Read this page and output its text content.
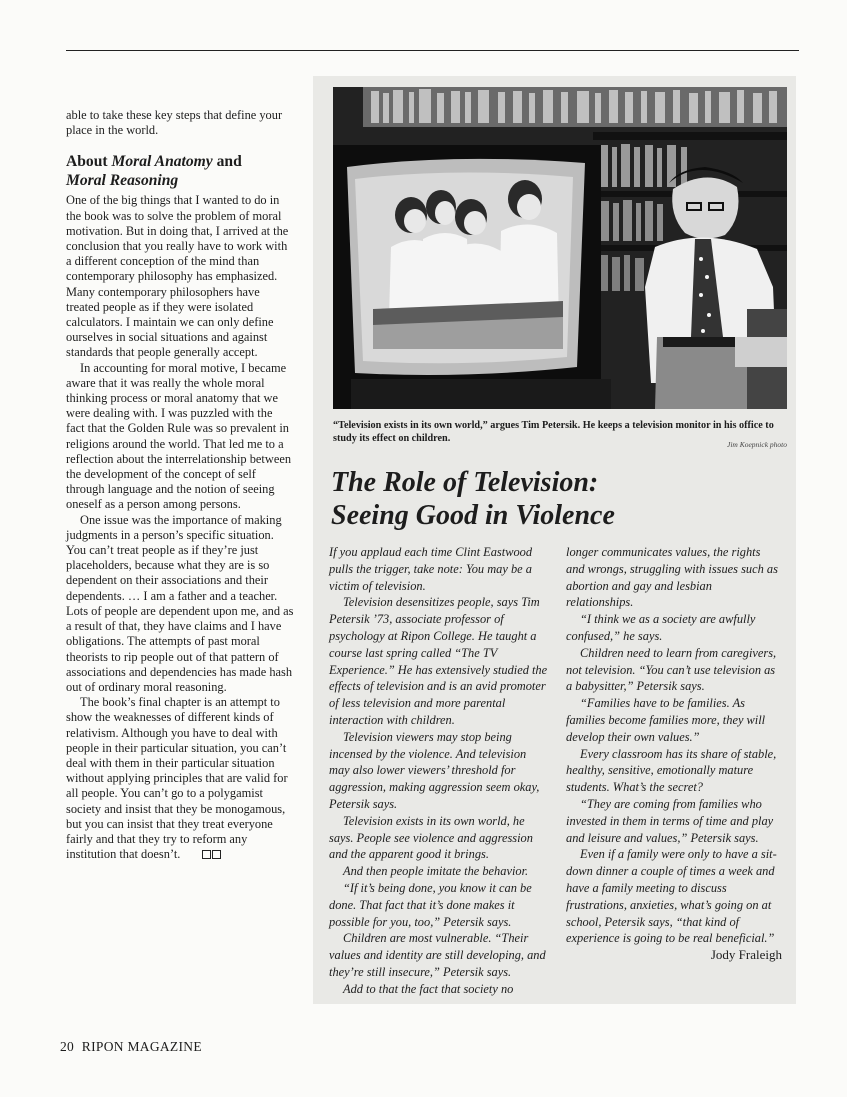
able to take these key steps that define your place in the world.

About Moral Anatomy and
Moral Reasoning

One of the big things that I wanted to do in the book was to solve the problem of moral motivation. But in doing that, I arrived at the conclusion that you really have to work with a different conception of the mind than contemporary philosophy has emphasized. Many contemporary philosophers have treated people as if they were isolated calculators. I maintain we can only define ourselves in social situations and against standards that people generally accept.

In accounting for moral motive, I became aware that it was really the whole moral thinking process or moral anatomy that we were dealing with. I was puzzled with the fact that the Golden Rule was so prevalent in religions around the world. That led me to a reflection about the interrelationship between the development of the concept of self through language and the notion of seeing oneself as a person among persons.

One issue was the importance of making judgments in a person’s specific situation. You can’t treat people as if they’re just placeholders, because what they are is so dependent on their associations and their dependents. … I am a father and a teacher. Lots of people are dependent upon me, and as a result of that, they have claims and I have obligations. The attempts of past moral theorists to rip people out of that pattern of associations and dependencies has made hash out of ordinary moral reasoning.

The book’s final chapter is an attempt to show the weaknesses of different kinds of relativism. Although you have to deal with people in their particular situation, you can’t deal with them in their particular situation without applying principles that are valid for all people. You can’t go to a polygamist society and insist that they be monogamous, but you can insist that they treat everyone fairly and that they try to reform any institution that doesn’t.

“Television exists in its own world,” argues Tim Petersik. He keeps a television monitor in his office to study its effect on children.
Jim Koepnick photo
The Role of Television:
Seeing Good in Violence

If you applaud each time Clint Eastwood pulls the trigger, take note: You may be a victim of television.

Television desensitizes people, says Tim Petersik ’73, associate professor of psychology at Ripon College. He taught a course last spring called “The TV Experience.” He has extensively studied the effects of television and is an avid promoter of less television and more parental interaction with children.

Television viewers may stop being incensed by the violence. And television may also lower viewers’ threshold for aggression, making aggression seem okay, Petersik says.

Television exists in its own world, he says. People see violence and aggression and the apparent good it brings.

And then people imitate the behavior.

“If it’s being done, you know it can be done. That fact that it’s done makes it possible for you, too,” Petersik says.

Children are most vulnerable. “Their values and identity are still developing, and they’re still insecure,” Petersik says.

Add to that the fact that society no

longer communicates values, the rights and wrongs, struggling with issues such as abortion and gay and lesbian relationships.

“I think we as a society are awfully confused,” he says.

Children need to learn from caregivers, not television. “You can’t use television as a babysitter,” Petersik says.

“Families have to be families. As families become families more, they will develop their own values.”

Every classroom has its share of stable, healthy, sensitive, emotionally mature students. What’s the secret?

“They are coming from families who invested in them in terms of time and play and leisure and values,” Petersik says.

Even if a family were only to have a sit-down dinner a couple of times a week and have a family meeting to discuss frustrations, anxieties, what’s going on at school, Petersik says, “that kind of experience is going to be real beneficial.”

Jody Fraleigh

20 RIPON MAGAZINE
